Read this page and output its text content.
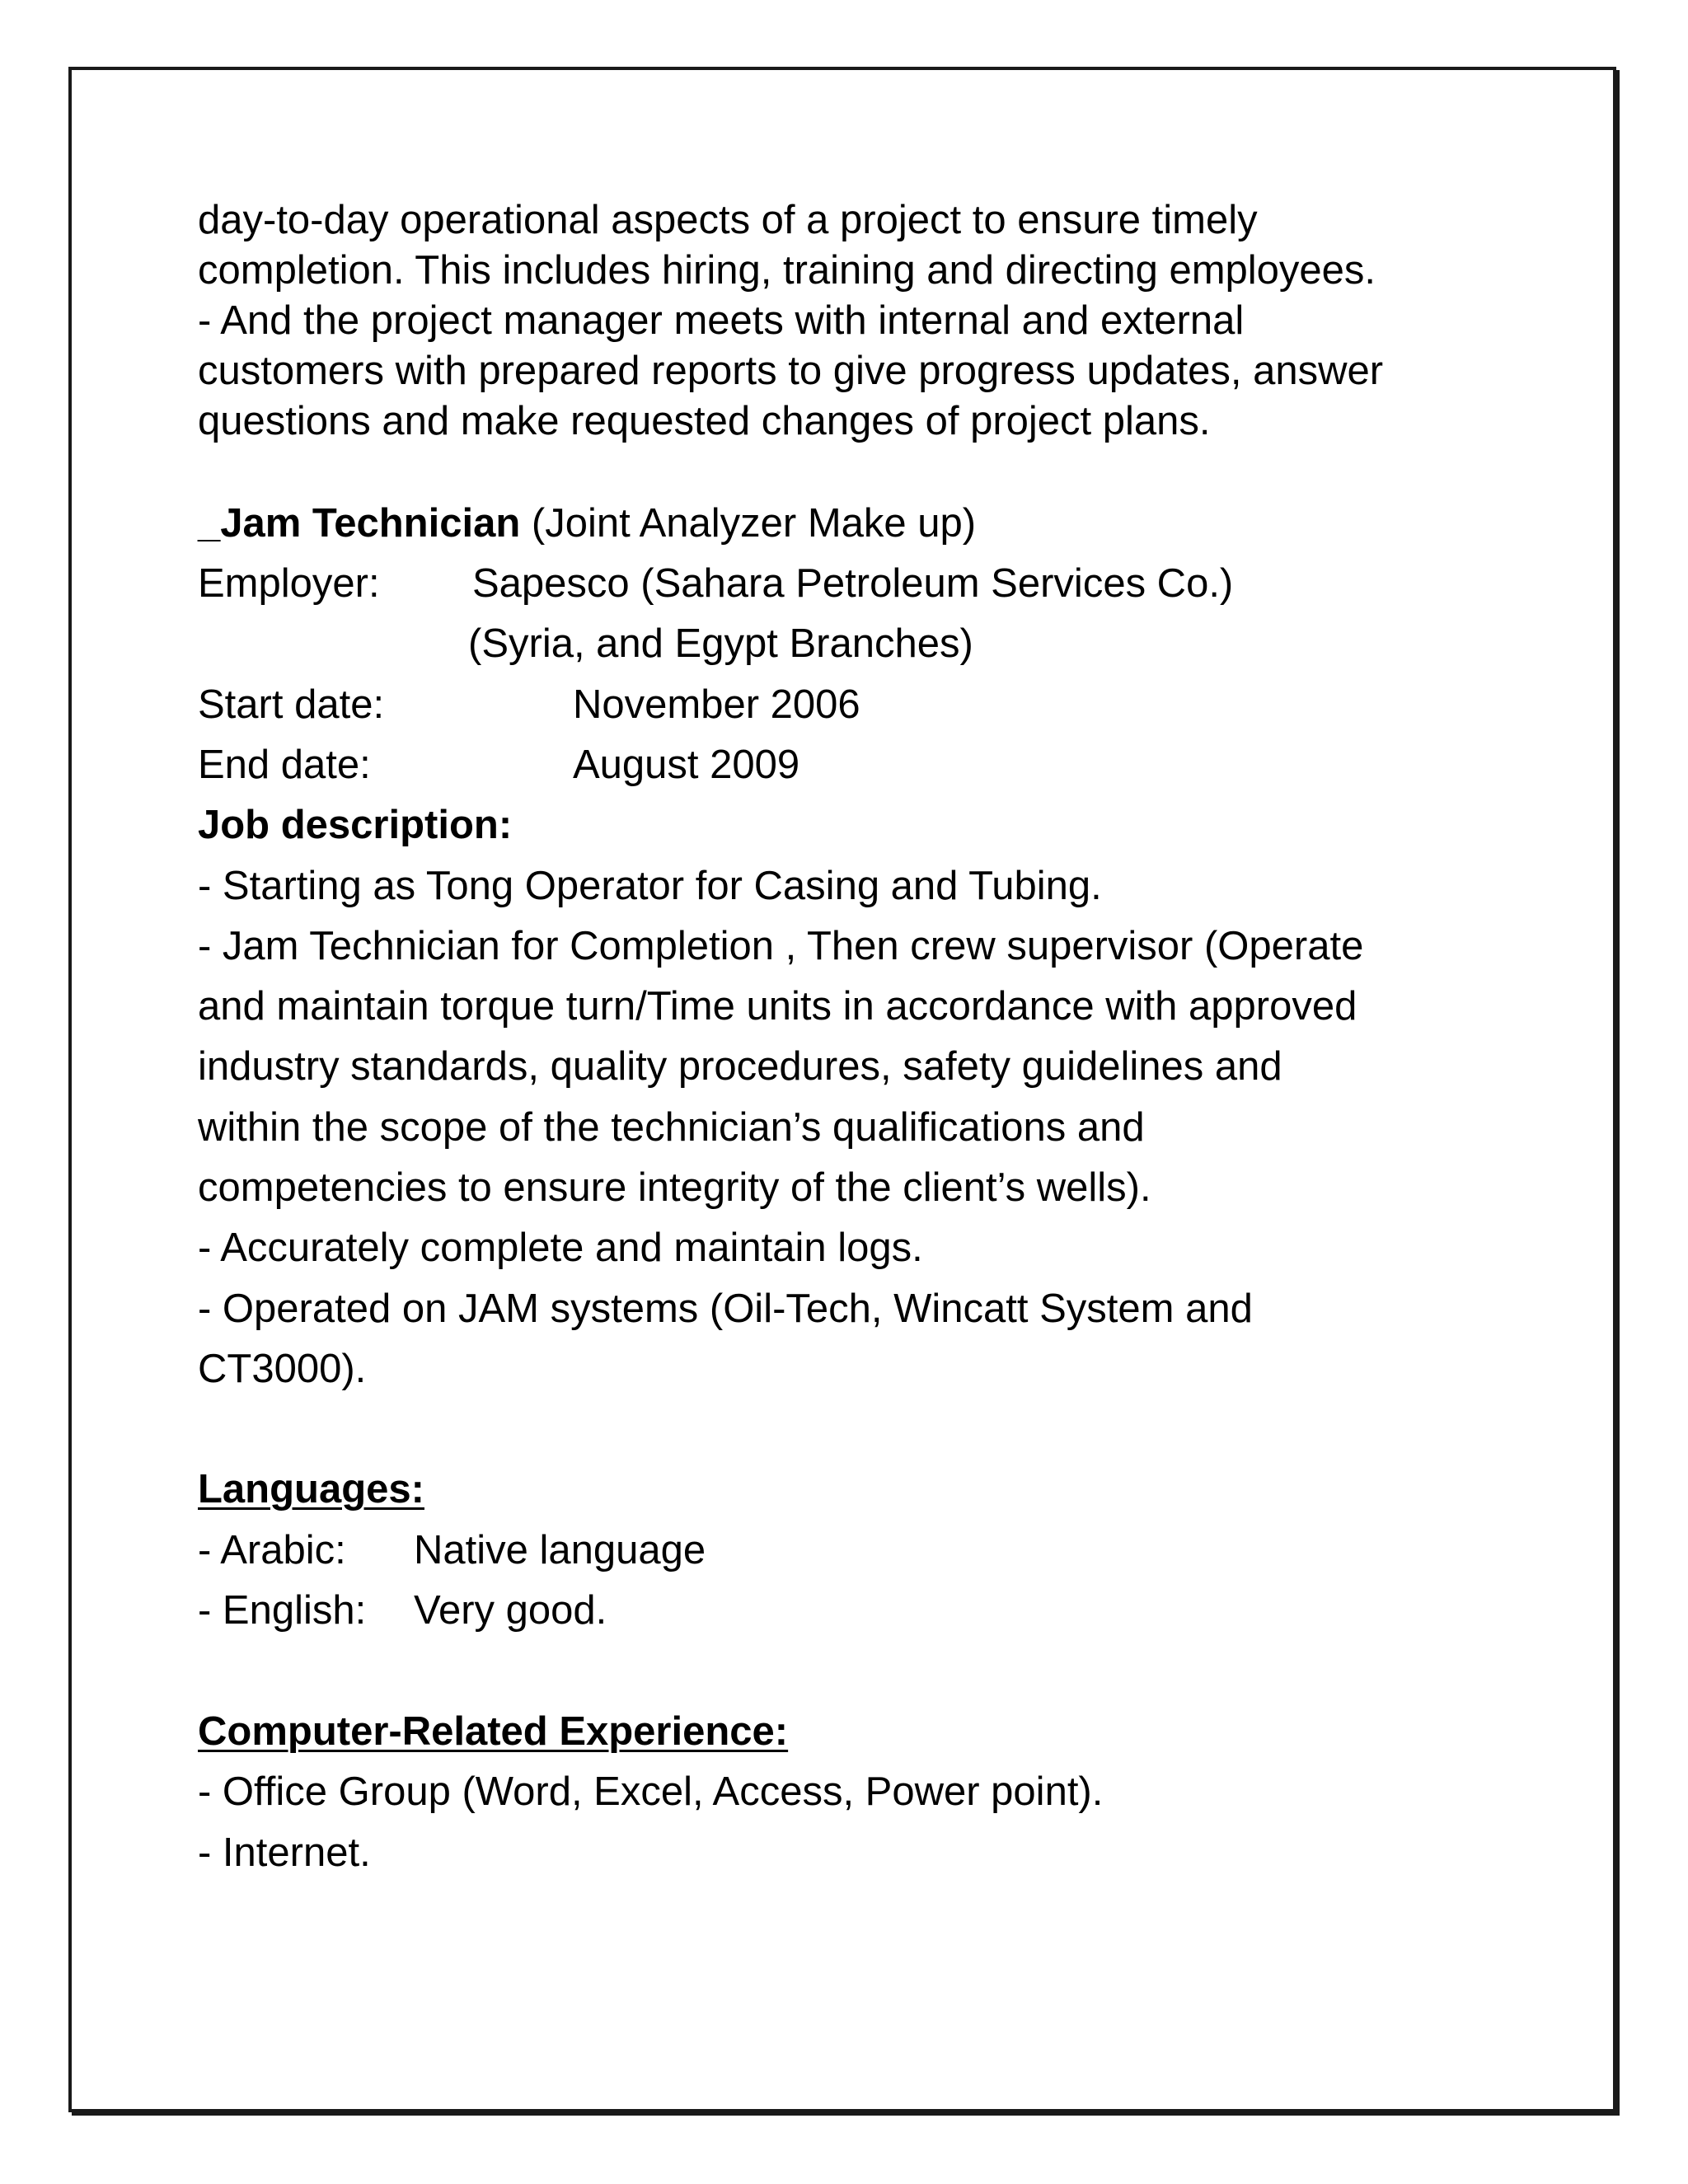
day-to-day operational aspects of a project to ensure timely
completion. This includes hiring, training and directing employees.
- And the project manager meets with internal and external
customers with prepared reports to give progress updates, answer
questions and make requested changes of project plans.
_Jam Technician (Joint Analyzer Make up)
Employer: Sapesco (Sahara Petroleum Services Co.)
(Syria, and Egypt Branches)
Start date:	November 2006
End date:	August 2009
Job description:
- Starting as Tong Operator for Casing and Tubing.
- Jam Technician for Completion , Then crew supervisor (Operate
and maintain torque turn/Time units in accordance with approved
industry standards, quality procedures, safety guidelines and
within the scope of the technician’s qualifications and
competencies to ensure integrity of the client’s wells).
- Accurately complete and maintain logs.
- Operated on JAM systems (Oil-Tech, Wincatt System and
CT3000).
Languages:
- Arabic: Native language
- English: Very good.
Computer-Related Experience:
- Office Group (Word, Excel, Access, Power point).
- Internet.
